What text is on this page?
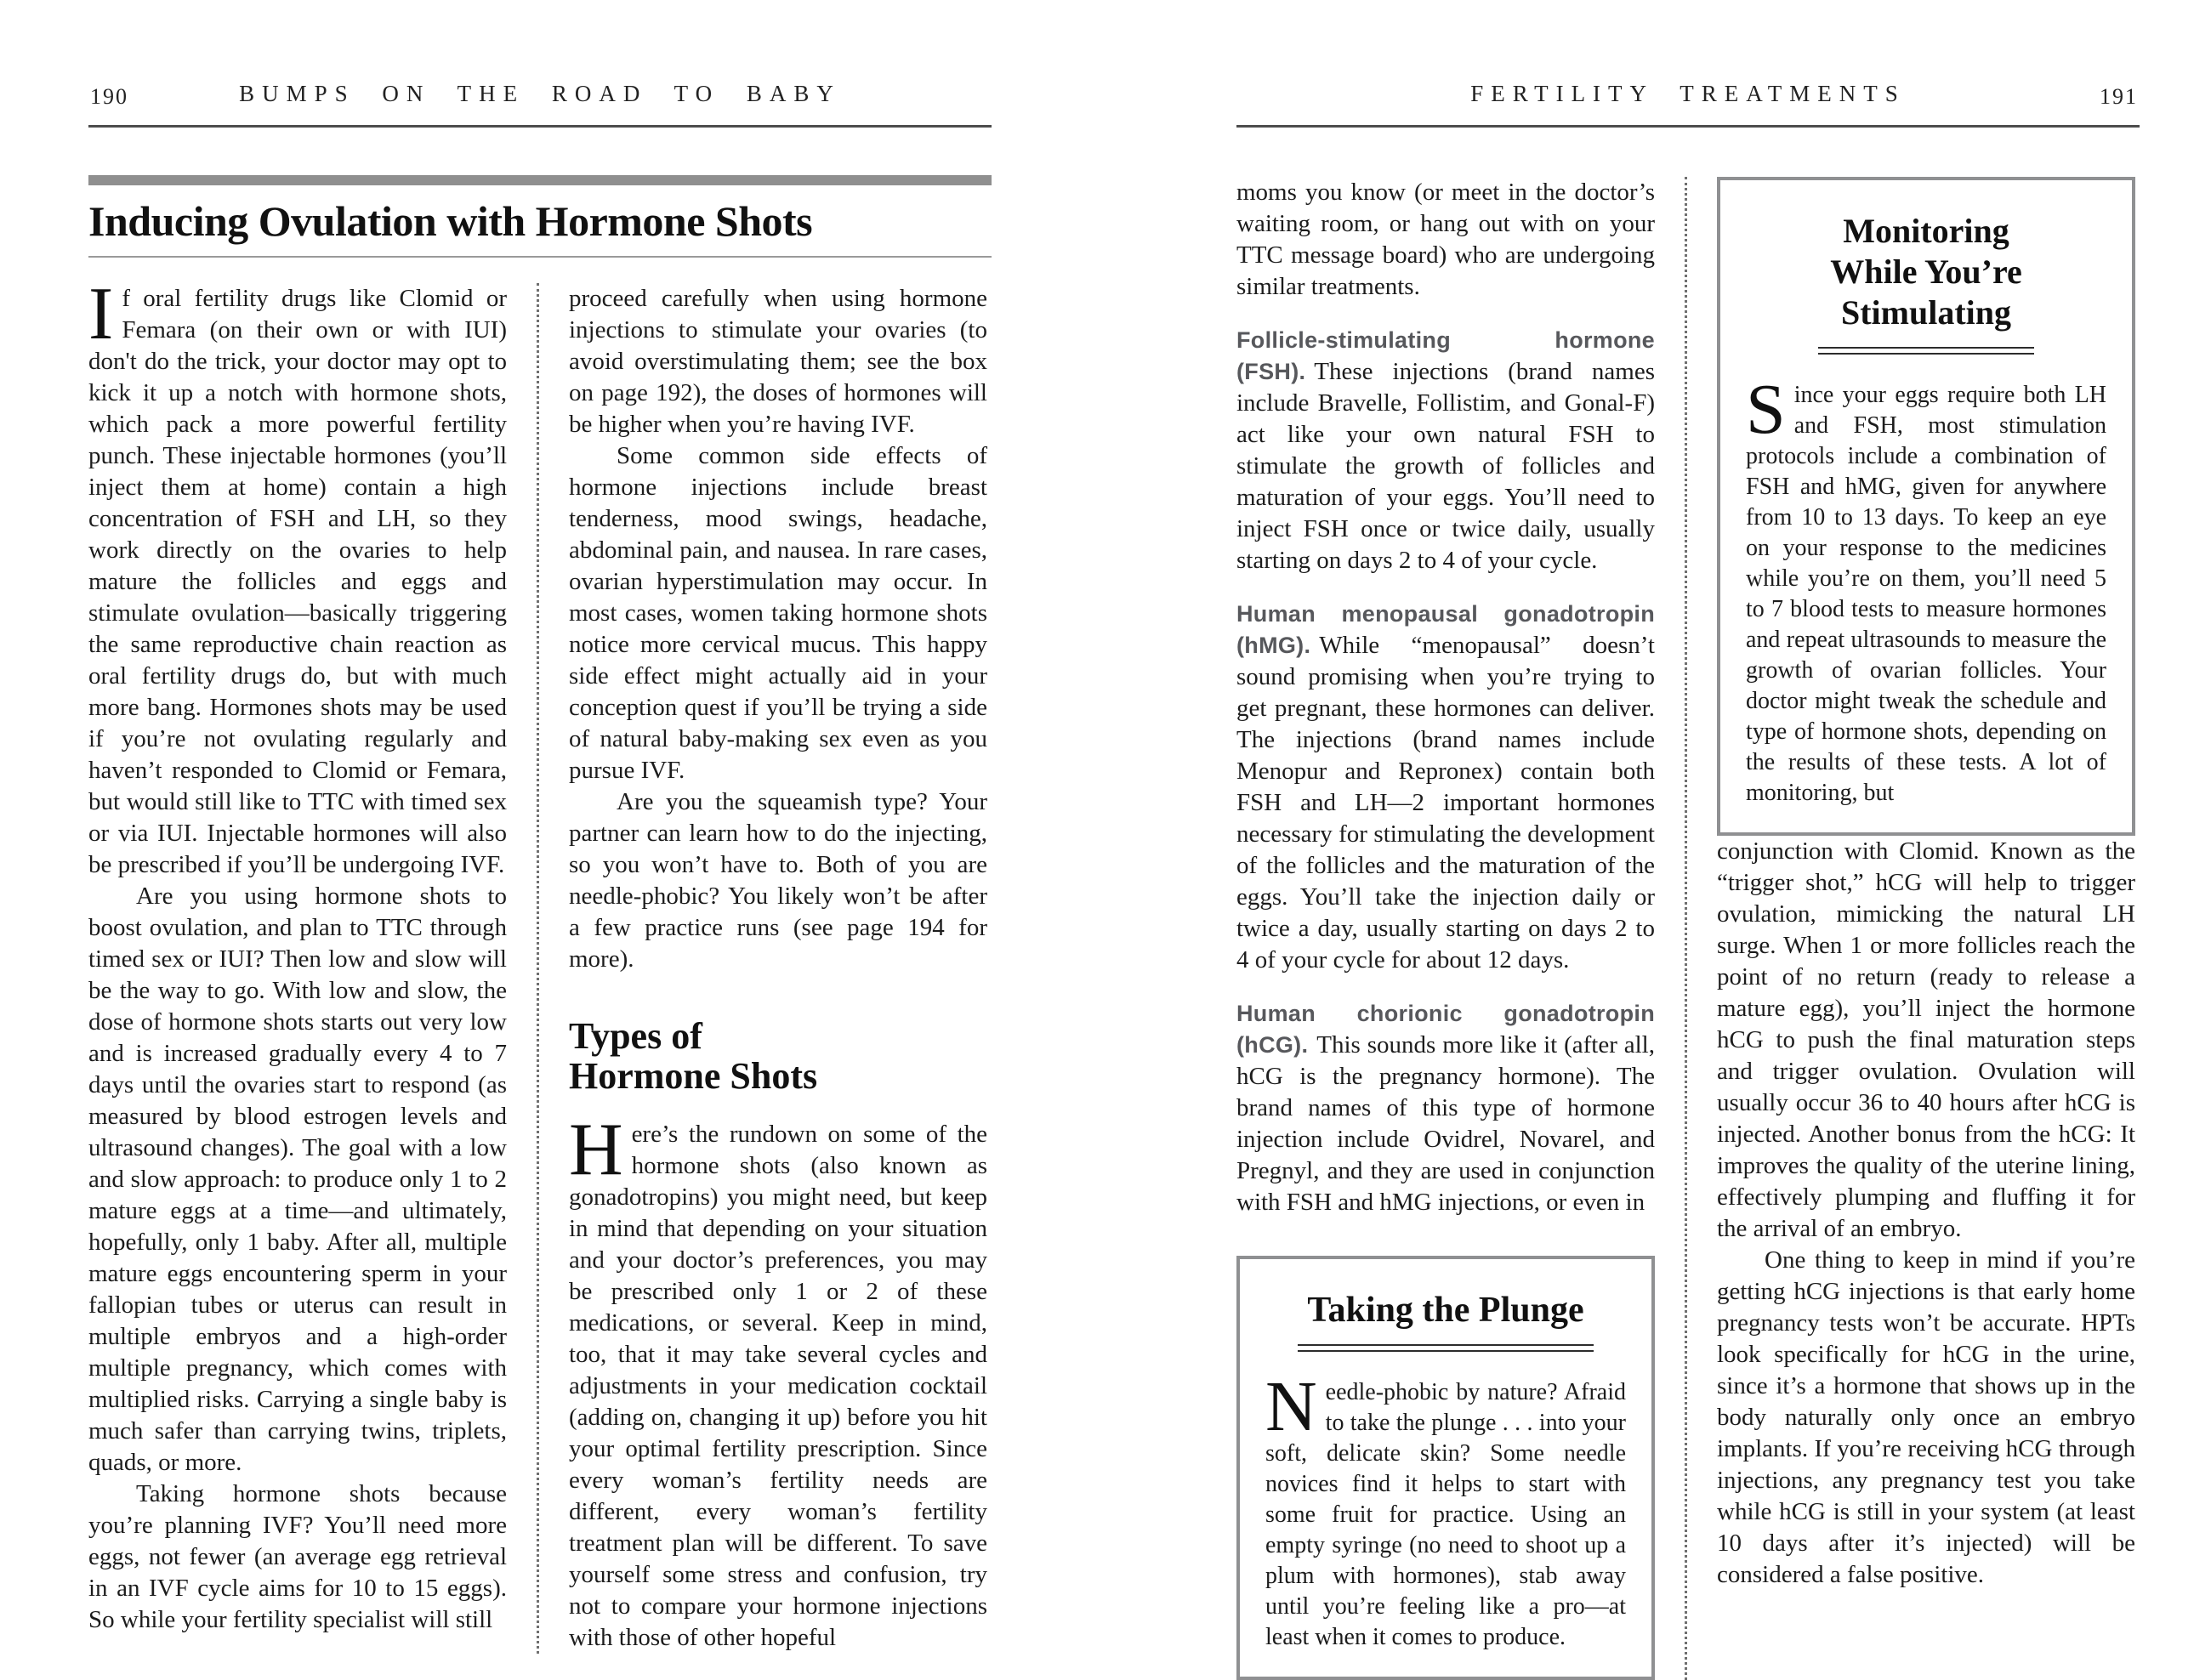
190	BUMPS ON THE ROAD TO BABY
Inducing Ovulation with Hormone Shots

If oral fertility drugs like Clomid or Femara (on their own or with IUI) don't do the trick, your doctor may opt to kick it up a notch with hormone shots, which pack a more powerful fertility punch. These injectable hormones (you’ll inject them at home) contain a high concentration of FSH and LH, so they work directly on the ovaries to help mature the follicles and eggs and stimulate ovulation—basically triggering the same reproductive chain reaction as oral fertility drugs do, but with much more bang. Hormones shots may be used if you’re not ovulating regularly and haven’t responded to Clomid or Femara, but would still like to TTC with timed sex or via IUI. Injectable hormones will also be prescribed if you’ll be undergoing IVF.

Are you using hormone shots to boost ovulation, and plan to TTC through timed sex or IUI? Then low and slow will be the way to go. With low and slow, the dose of hormone shots starts out very low and is increased gradually every 4 to 7 days until the ovaries start to respond (as measured by blood estrogen levels and ultrasound changes). The goal with a low and slow approach: to produce only 1 to 2 mature eggs at a time—and ultimately, hopefully, only 1 baby. After all, multiple mature eggs encountering sperm in your fallopian tubes or uterus can result in multiple embryos and a high-order multiple pregnancy, which comes with multiplied risks. Carrying a single baby is much safer than carrying twins, triplets, quads, or more.

Taking hormone shots because you’re planning IVF? You’ll need more eggs, not fewer (an average egg retrieval in an IVF cycle aims for 10 to 15 eggs). So while your fertility specialist will still

proceed carefully when using hormone injections to stimulate your ovaries (to avoid overstimulating them; see the box on page 192), the doses of hormones will be higher when you’re having IVF.

Some common side effects of hormone injections include breast tenderness, mood swings, headache, abdominal pain, and nausea. In rare cases, ovarian hyperstimulation may occur. In most cases, women taking hormone shots notice more cervical mucus. This happy side effect might actually aid in your conception quest if you’ll be trying a side of natural baby-making sex even as you pursue IVF.

Are you the squeamish type? Your partner can learn how to do the injecting, so you won’t have to. Both of you are needle-phobic? You likely won’t be after a few practice runs (see page 194 for more).

Types of
Hormone Shots

Here’s the rundown on some of the hormone shots (also known as gonadotropins) you might need, but keep in mind that depending on your situation and your doctor’s preferences, you may be prescribed only 1 or 2 of these medications, or several. Keep in mind, too, that it may take several cycles and adjustments in your medication cocktail (adding on, changing it up) before you hit your optimal fertility prescription. Since every woman’s fertility needs are different, every woman’s fertility treatment plan will be different. To save yourself some stress and confusion, try not to compare your hormone injections with those of other hopeful

FERTILITY TREATMENTS	191

moms you know (or meet in the doctor’s waiting room, or hang out with on your TTC message board) who are undergoing similar treatments.

Follicle-stimulating hormone (FSH). These injections (brand names include Bravelle, Follistim, and Gonal-F) act like your own natural FSH to stimulate the growth of follicles and maturation of your eggs. You’ll need to inject FSH once or twice daily, usually starting on days 2 to 4 of your cycle.

Human menopausal gonadotropin (hMG). While “menopausal” doesn’t sound promising when you’re trying to get pregnant, these hormones can deliver. The injections (brand names include Menopur and Repronex) contain both FSH and LH—2 important hormones necessary for stimulating the development of the follicles and the maturation of the eggs. You’ll take the injection daily or twice a day, usually starting on days 2 to 4 of your cycle for about 12 days.

Human chorionic gonadotropin (hCG). This sounds more like it (after all, hCG is the pregnancy hormone). The brand names of this type of hormone injection include Ovidrel, Novarel, and Pregnyl, and they are used in conjunction with FSH and hMG injections, or even in

Taking the Plunge

Needle-phobic by nature? Afraid to take the plunge . . . into your soft, delicate skin? Some needle novices find it helps to start with some fruit for practice. Using an empty syringe (no need to shoot up a plum with hormones), stab away until you’re feeling like a pro—at least when it comes to produce.

Monitoring
While You’re
Stimulating

Since your eggs require both LH and FSH, most stimulation protocols include a combination of FSH and hMG, given for anywhere from 10 to 13 days. To keep an eye on your response to the medicines while you’re on them, you’ll need 5 to 7 blood tests to measure hormones and repeat ultrasounds to measure the growth of ovarian follicles. Your doctor might tweak the schedule and type of hormone shots, depending on the results of these tests. A lot of monitoring, but

conjunction with Clomid. Known as the “trigger shot,” hCG will help to trigger ovulation, mimicking the natural LH surge. When 1 or more follicles reach the point of no return (ready to release a mature egg), you’ll inject the hormone hCG to push the final maturation steps and trigger ovulation. Ovulation will usually occur 36 to 40 hours after hCG is injected. Another bonus from the hCG: It improves the quality of the uterine lining, effectively plumping and fluffing it for the arrival of an embryo.

One thing to keep in mind if you’re getting hCG injections is that early home pregnancy tests won’t be accurate. HPTs look specifically for hCG in the urine, since it’s a hormone that shows up in the body naturally only once an embryo implants. If you’re receiving hCG through injections, any pregnancy test you take while hCG is still in your system (at least 10 days after it’s injected) will be considered a false positive.
